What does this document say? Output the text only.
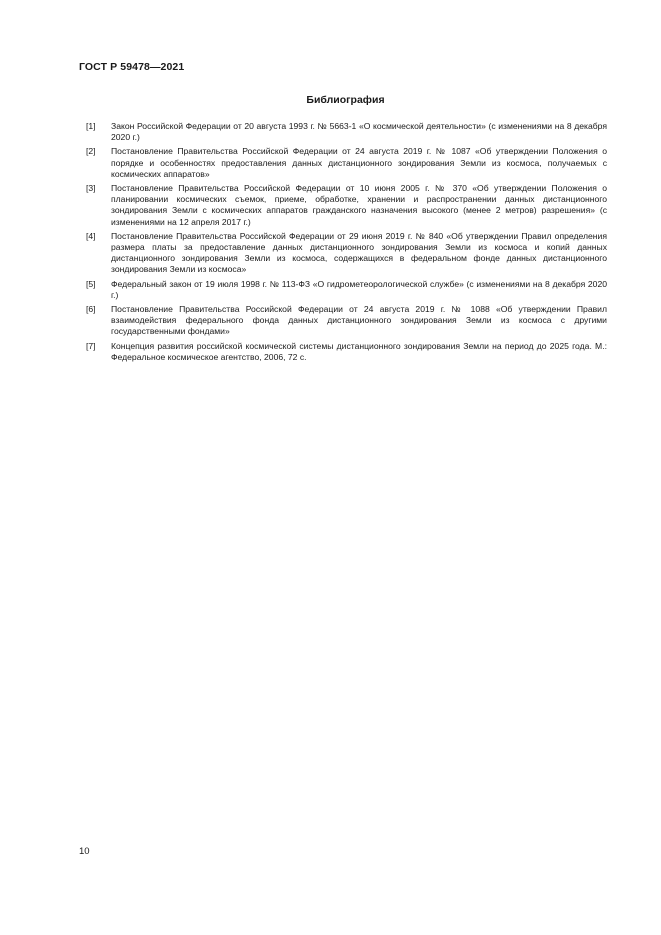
ГОСТ Р 59478—2021
Библиография
[1]	Закон Российской Федерации от 20 августа 1993 г. № 5663-1 «О космической деятельности» (с изменениями на 8 декабря 2020 г.)
[2]	Постановление Правительства Российской Федерации от 24 августа 2019 г. № 1087 «Об утверждении Положения о порядке и особенностях предоставления данных дистанционного зондирования Земли из космоса, получаемых с космических аппаратов»
[3]	Постановление Правительства Российской Федерации от 10 июня 2005 г. № 370 «Об утверждении Положения о планировании космических съемок, приеме, обработке, хранении и распространении данных дистанционного зондирования Земли с космических аппаратов гражданского назначения высокого (менее 2 метров) разрешения» (с изменениями на 12 апреля 2017 г.)
[4]	Постановление Правительства Российской Федерации от 29 июня 2019 г. № 840 «Об утверждении Правил определения размера платы за предоставление данных дистанционного зондирования Земли из космоса и копий данных дистанционного зондирования Земли из космоса, содержащихся в федеральном фонде данных дистанционного зондирования Земли из космоса»
[5]	Федеральный закон от 19 июля 1998 г. № 113-ФЗ «О гидрометеорологической службе» (с изменениями на 8 декабря 2020 г.)
[6]	Постановление Правительства Российской Федерации от 24 августа 2019 г. № 1088 «Об утверждении Правил взаимодействия федерального фонда данных дистанционного зондирования Земли из космоса с другими государственными фондами»
[7]	Концепция развития российской космической системы дистанционного зондирования Земли на период до 2025 года. М.: Федеральное космическое агентство, 2006, 72 с.
10
